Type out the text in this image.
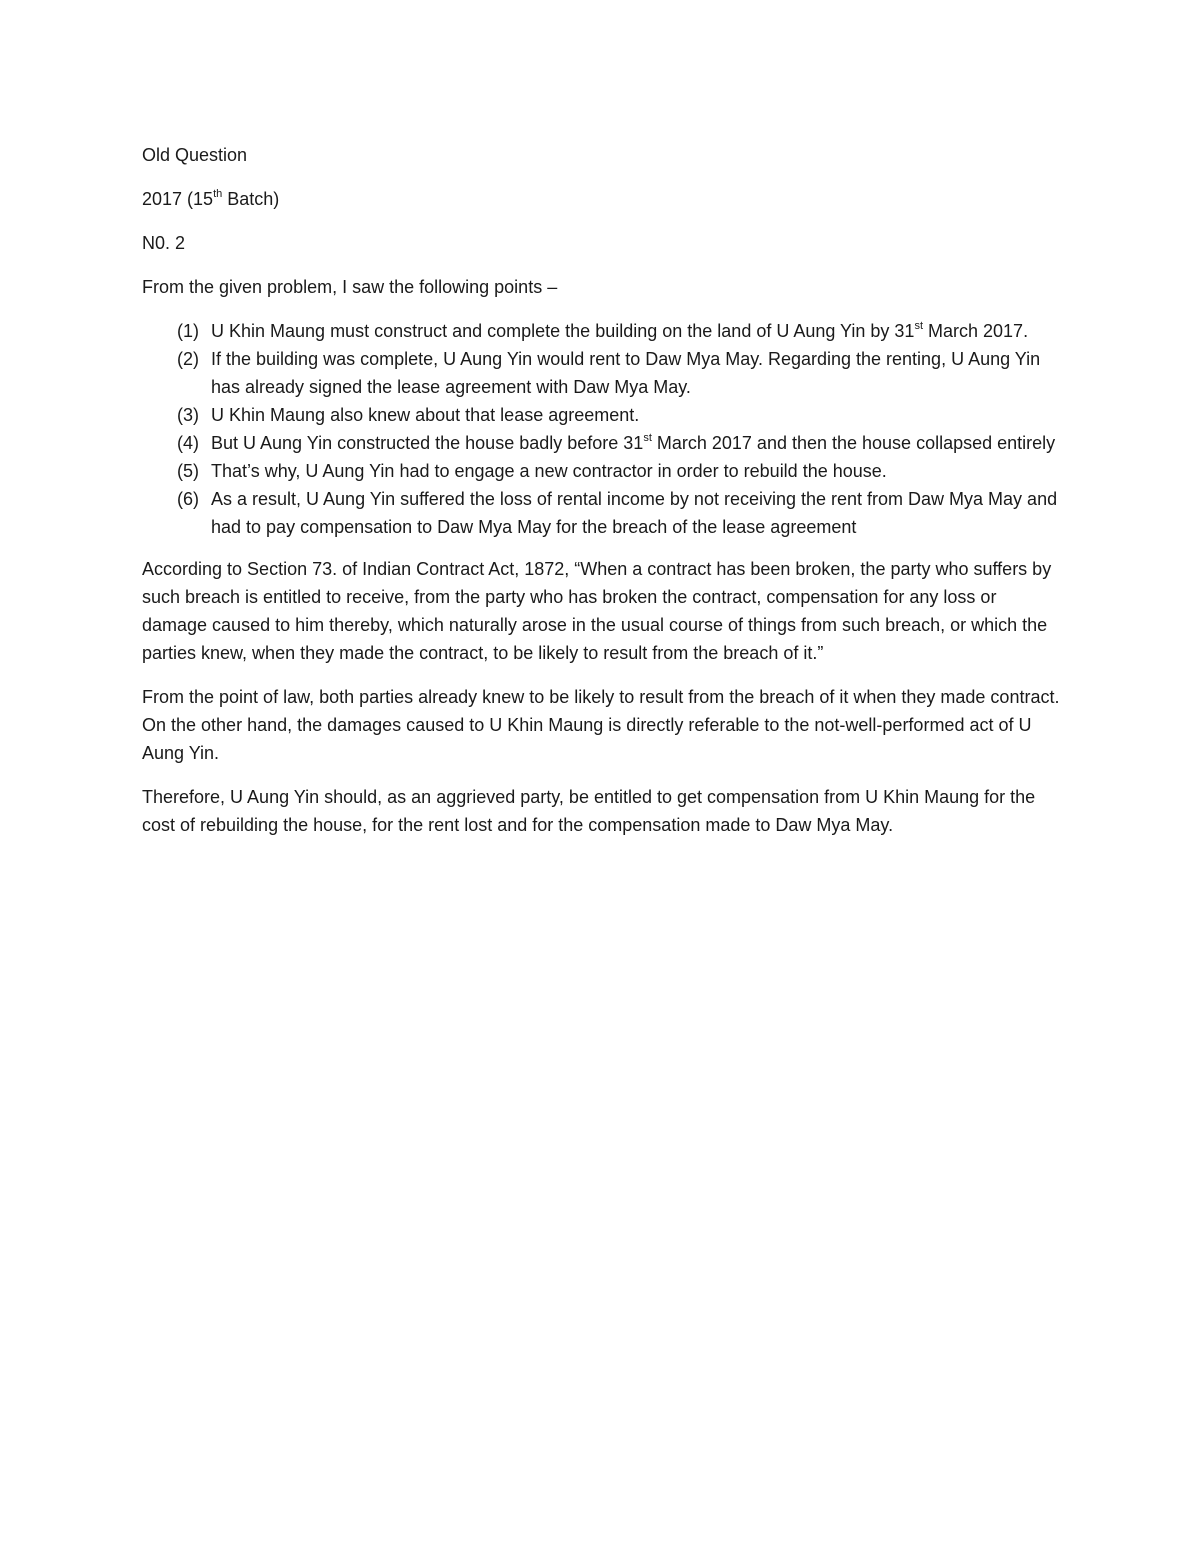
Old Question

2017 (15th Batch)

N0. 2

From the given problem, I saw the following points –

(1) U Khin Maung must construct and complete the building on the land of U Aung Yin by 31st March 2017.
(2) If the building was complete, U Aung Yin would rent to Daw Mya May. Regarding the renting, U Aung Yin has already signed the lease agreement with Daw Mya May.
(3) U Khin Maung also knew about that lease agreement.
(4) But U Aung Yin constructed the house badly before 31st March 2017 and then the house collapsed entirely
(5) That’s why, U Aung Yin had to engage a new contractor in order to rebuild the house.
(6) As a result, U Aung Yin suffered the loss of rental income by not receiving the rent from Daw Mya May and had to pay compensation to Daw Mya May for the breach of the lease agreement

According to Section 73. of Indian Contract Act, 1872, “When a contract has been broken, the party who suffers by such breach is entitled to receive, from the party who has broken the contract, compensation for any loss or damage caused to him thereby, which naturally arose in the usual course of things from such breach, or which the parties knew, when they made the contract, to be likely to result from the breach of it.”

From the point of law, both parties already knew to be likely to result from the breach of it when they made contract. On the other hand, the damages caused to U Khin Maung is directly referable to the not-well-performed act of U Aung Yin.

Therefore, U Aung Yin should, as an aggrieved party, be entitled to get compensation from U Khin Maung for the cost of rebuilding the house, for the rent lost and for the compensation made to Daw Mya May.
